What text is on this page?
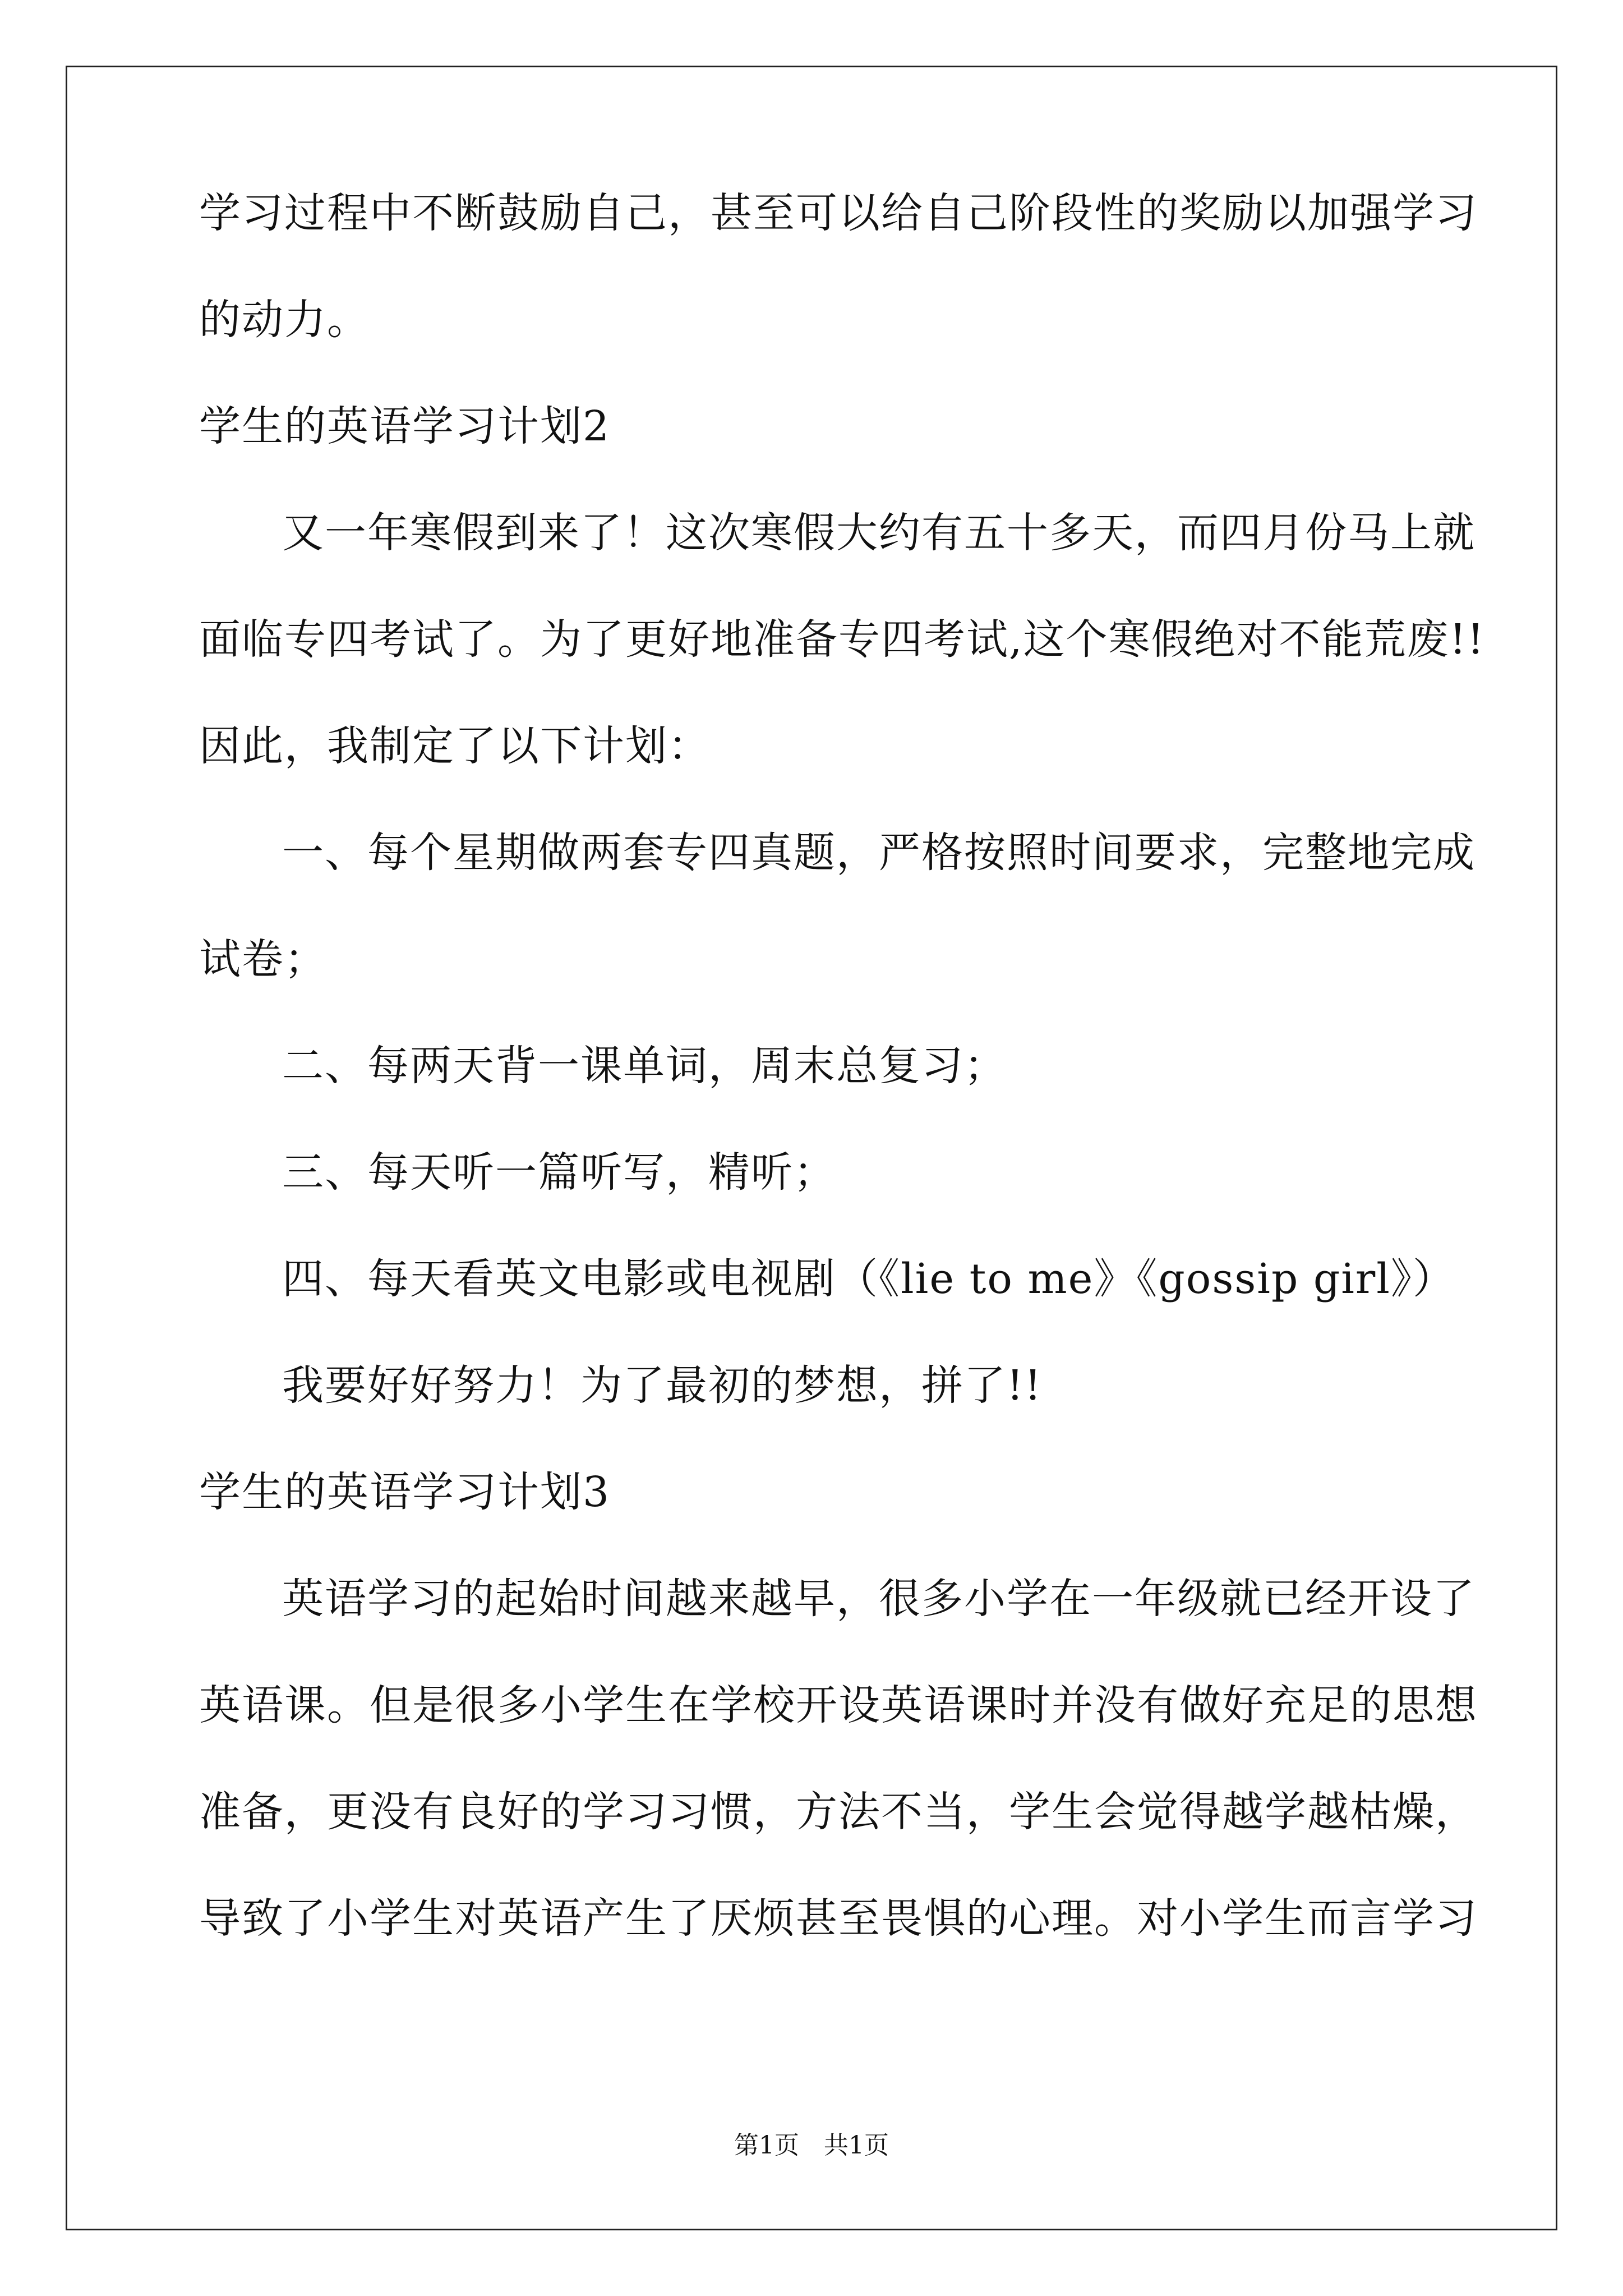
学习过程中不断鼓励自己，甚至可以给自己阶段性的奖励以加强学习
的动力。
学生的英语学习计划2
又一年寒假到来了！这次寒假大约有五十多天，而四月份马上就
面临专四考试了。为了更好地准备专四考试,这个寒假绝对不能荒废!!
因此，我制定了以下计划：
一、每个星期做两套专四真题，严格按照时间要求，完整地完成
试卷；
二、每两天背一课单词，周末总复习；
三、每天听一篇听写，精听；
四、每天看英文电影或电视剧（《lie to me》《gossip girl》）
我要好好努力！为了最初的梦想，拼了!!
学生的英语学习计划3
英语学习的起始时间越来越早，很多小学在一年级就已经开设了
英语课。但是很多小学生在学校开设英语课时并没有做好充足的思想
准备，更没有良好的学习习惯，方法不当，学生会觉得越学越枯燥，
导致了小学生对英语产生了厌烦甚至畏惧的心理。对小学生而言学习
第1页 共1页
